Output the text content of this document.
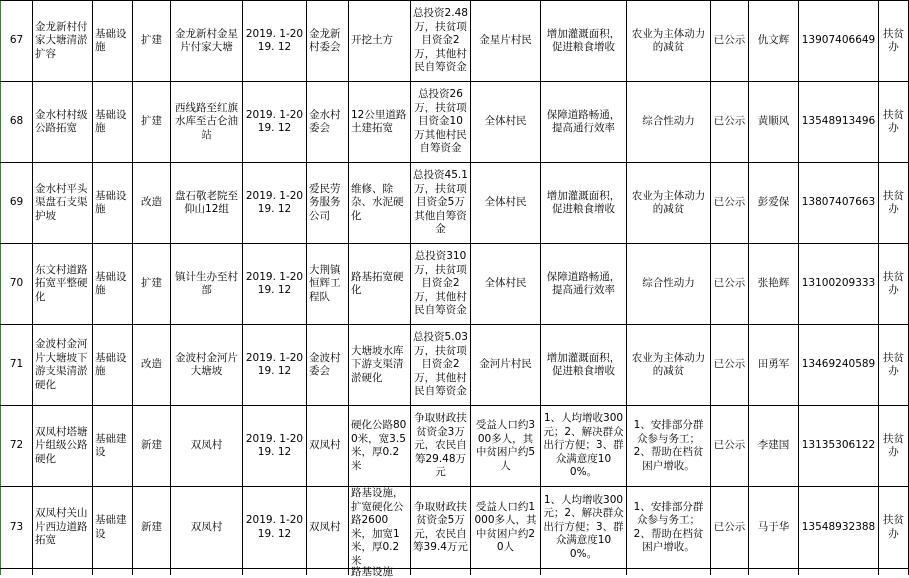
67	金龙新村付家大塘清淤扩容	基础设施	扩建	金龙新村金星片付家大塘	2019. 1-2019. 12	金龙新村委会	开挖土方	总投资2.48万，扶贫项目资金2万，其他村民自筹资金	金星片村民	增加灌溉面积，促进粮食增收	农业为主体动力的减贫	已公示	仇文辉	13907406649	扶贫办
68	金水村村级公路拓宽	基础设施	扩建	西线路至红旗水库至古仑油站	2019. 1-2019. 12	金水村委会	12公里道路土建拓宽	总投资26万，扶贫项目资金10万其他村民自筹资金	全体村民	保障道路畅通，提高通行效率	综合性动力	已公示	黄顺风	13548913496	扶贫办
69	金水村平头渠盘石支渠护坡	基础设施	改造	盘石敬老院至仰山12组	2019. 1-2019. 12	爱民劳务服务公司	维修、除杂、水泥硬化	总投资45.1万，扶贫项目资金5万其他自筹资金	全体村民	增加灌溉面积，促进粮食增收	农业为主体动力的减贫	已公示	彭爱保	13807407663	扶贫办
70	东文村道路拓宽平整硬化	基础设施	扩建	镇计生办至村部	2019. 1-2019. 12	大荆镇恒辉工程队	路基拓宽硬化	总投资310万，扶贫项目资金2万，其他村民自筹资金	全体村民	保障道路畅通，提高通行效率	综合性动力	已公示	张艳辉	13100209333	扶贫办
71	金波村金河片大塘坡下游支渠清淤硬化	基础设施	改造	金波村金河片大塘坡	2019. 1-2019. 12	金波村委会	大塘坡水库下游支渠清淤硬化	总投资5.03万，扶贫项目资金2万，其他村民自筹资金	金河片村民	增加灌溉面积，促进粮食增收	农业为主体动力的减贫	已公示	田勇军	13469240589	扶贫办
72	双凤村塔塘片组级公路硬化	基础建设	新建	双凤村	2019. 1-2019. 12	双凤村	硬化公路800米，宽3.5米，厚0.2米	争取财政扶贫资金3万元，农民自筹29.48万元	受益人口约300多人，其中贫困户约5人	1、人均增收300元；2、解决群众出行方便；3、群众满意度100%。	1、安排部分群众参与务工；2、帮助在档贫困户增收。	已公示	李建国	13135306122	扶贫办
73	双凤村关山片西边道路拓宽	基础建设	新建	双凤村	2019. 1-2019. 12	双凤村	路基设施，扩宽硬化公路2600米，加宽1米，厚0.2米	争取财政扶贫资金5万元，农民自筹39.4万元	受益人口约1000多人，其中贫困户约20人	1、人均增收300元；2、解决群众出行方便；3、群众满意度100%。	1、安排部分群众参与务工；2、帮助在档贫困户增收。	已公示	马于华	13548932388	扶贫办
							路基设施								
